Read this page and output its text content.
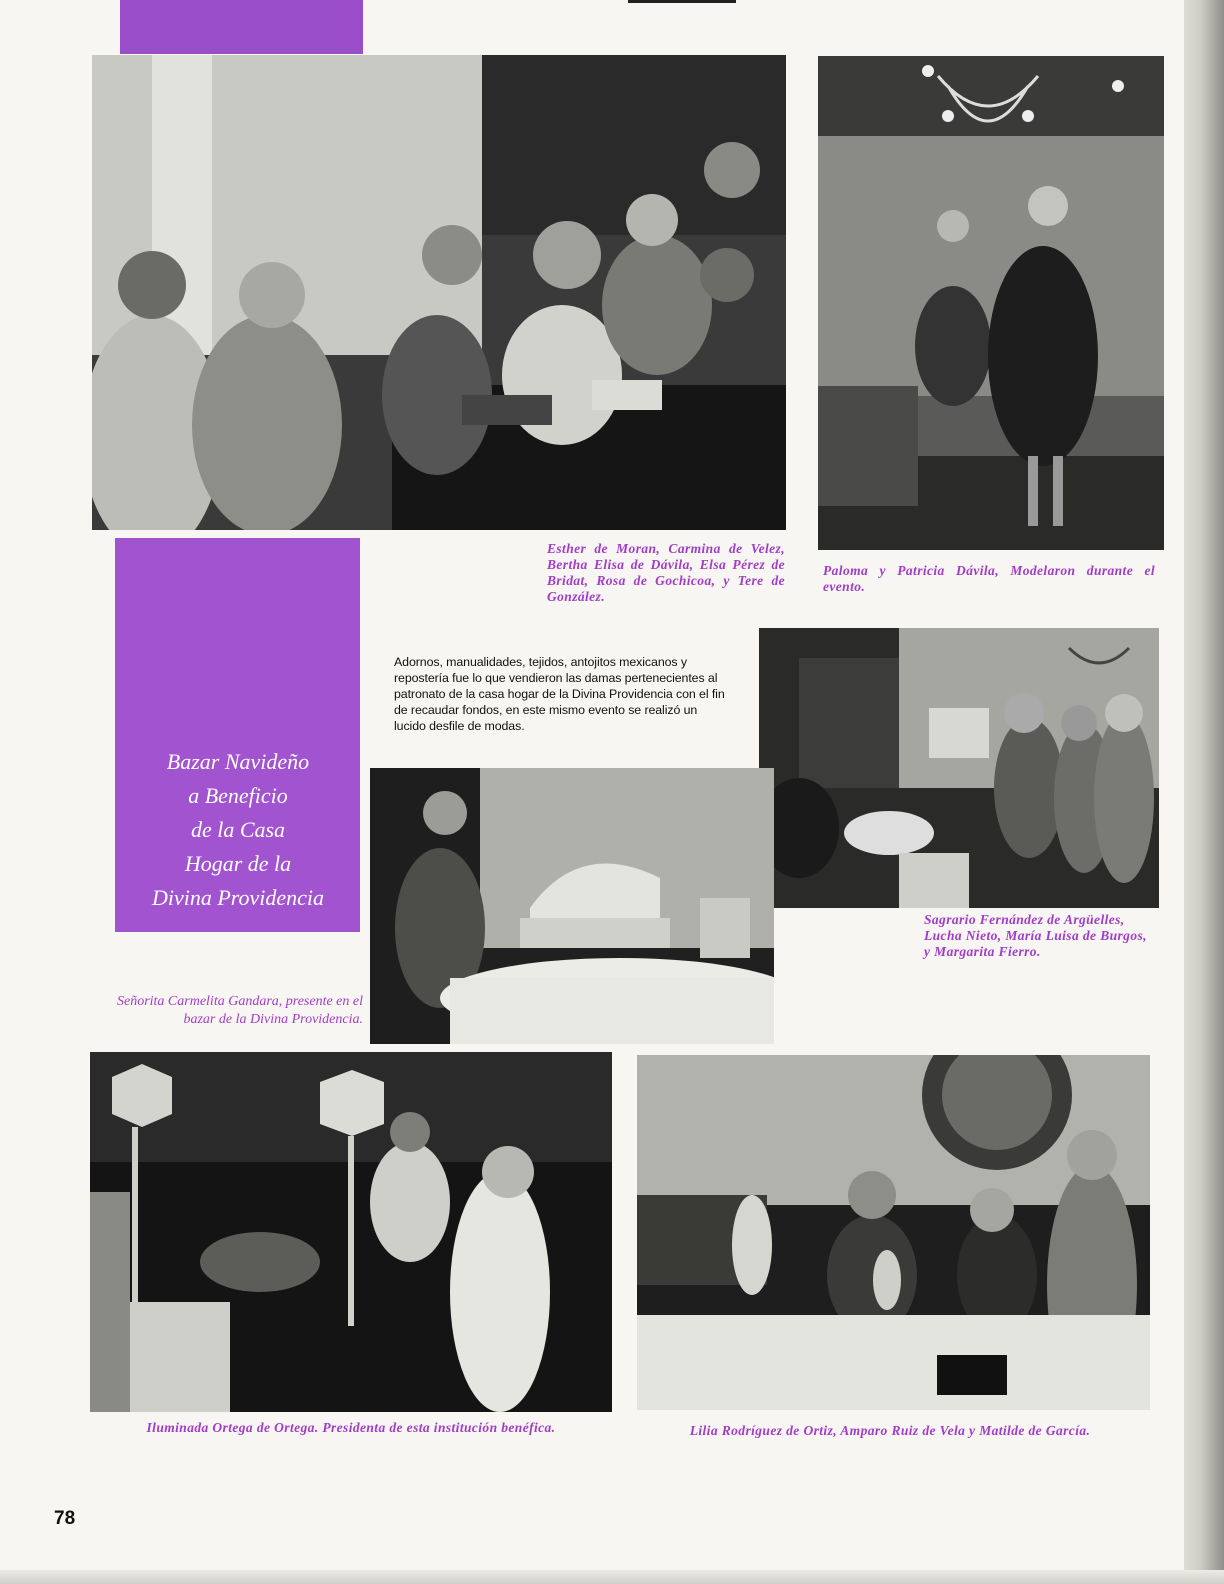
Esther de Moran, Carmina de Velez, Bertha Elisa de Dávila, Elsa Pérez de Bridat, Rosa de Gochicoa, y Tere de González.

Paloma y Patricia Dávila, Modelaron durante el evento.

Bazar Navideño
a Beneficio
de la Casa
Hogar de la
Divina Providencia

Adornos, manualidades, tejidos, antojitos mexicanos y repostería fue lo que vendieron las damas pertenecientes al patronato de la casa hogar de la Divina Providencia con el fin de recaudar fondos, en este mismo evento se realizó un lucido desfile de modas.

Sagrario Fernández de Argüelles, Lucha Nieto, María Luisa de Burgos, y Margarita Fierro.

Señorita Carmelita Gandara, presente en el bazar de la Divina Providencia.

Iluminada Ortega de Ortega. Presidenta de esta institución benéfica.	Lilia Rodríguez de Ortiz, Amparo Ruiz de Vela y Matilde de García.

78
